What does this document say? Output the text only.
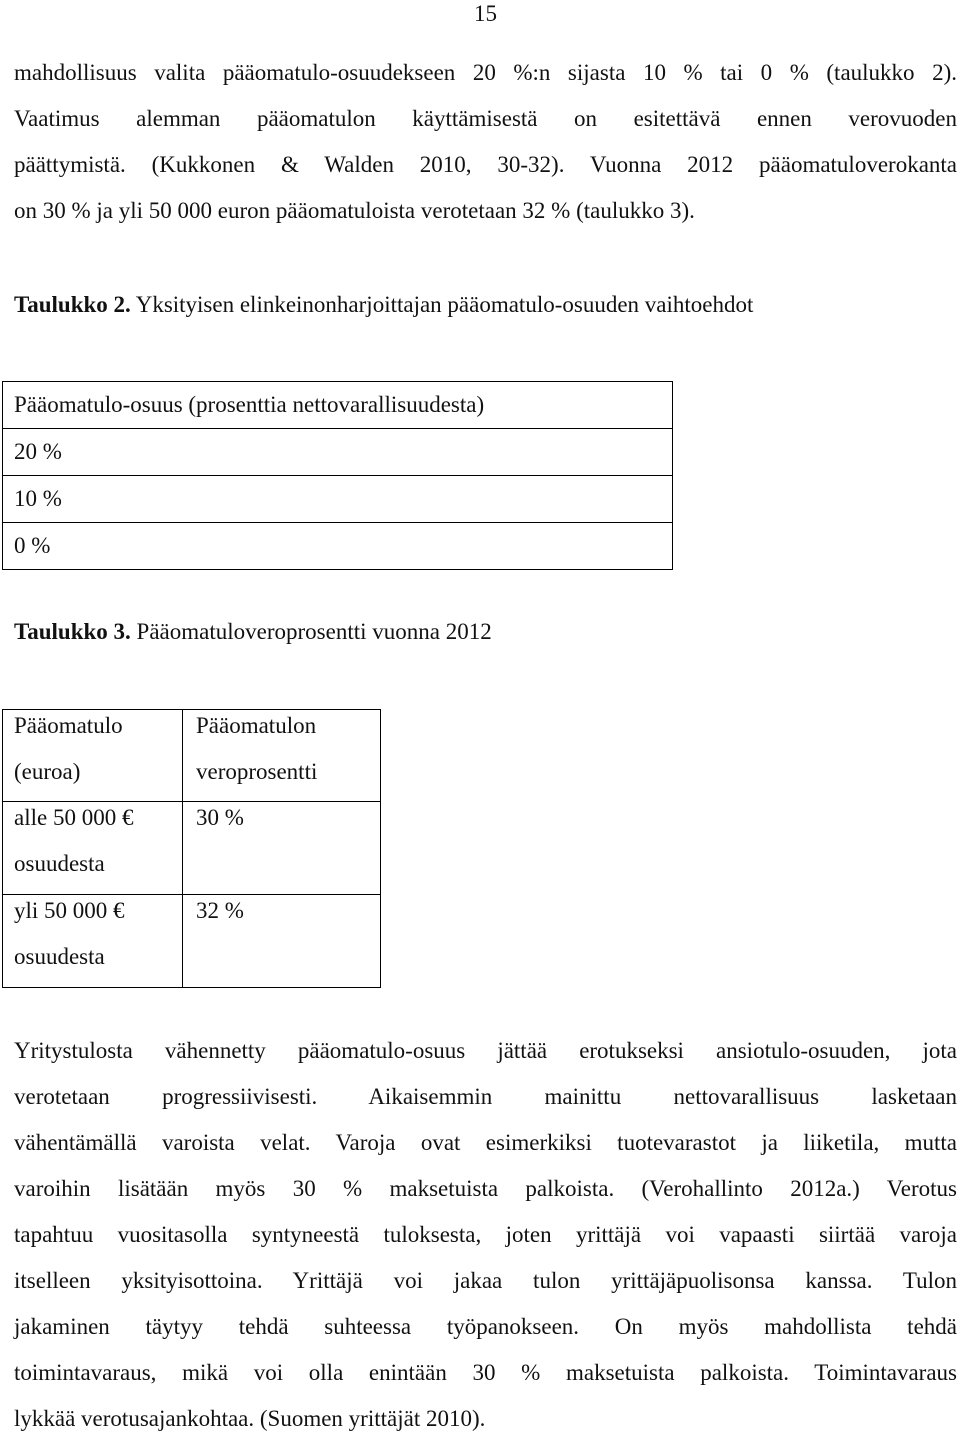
15
mahdollisuus valita pääomatulo-osuudekseen 20 %:n sijasta 10 % tai 0 % (taulukko 2).
Vaatimus alemman pääomatulon käyttämisestä on esitettävä ennen verovuoden
päättymistä. (Kukkonen & Walden 2010, 30-32). Vuonna 2012 pääomatuloverokanta
on 30 % ja yli 50 000 euron pääomatuloista verotetaan 32 % (taulukko 3).
Taulukko 2. Yksityisen elinkeinonharjoittajan pääomatulo-osuuden vaihtoehdot
Pääomatulo-osuus (prosenttia nettovarallisuudesta)
20 %
10 %
0 %
Taulukko 3. Pääomatuloveroprosentti vuonna 2012
Pääomatulo
(euroa)
Pääomatulon
veroprosentti
alle 50 000 €
osuudesta
30 %
yli 50 000 €
osuudesta
32 %
Yritystulosta vähennetty pääomatulo-osuus jättää erotukseksi ansiotulo-osuuden, jota
verotetaan progressiivisesti. Aikaisemmin mainittu nettovarallisuus lasketaan
vähentämällä varoista velat. Varoja ovat esimerkiksi tuotevarastot ja liiketila, mutta
varoihin lisätään myös 30 % maksetuista palkoista. (Verohallinto 2012a.) Verotus
tapahtuu vuositasolla syntyneestä tuloksesta, joten yrittäjä voi vapaasti siirtää varoja
itselleen yksityisottoina. Yrittäjä voi jakaa tulon yrittäjäpuolisonsa kanssa. Tulon
jakaminen täytyy tehdä suhteessa työpanokseen. On myös mahdollista tehdä
toimintavaraus, mikä voi olla enintään 30 % maksetuista palkoista. Toimintavaraus
lykkää verotusajankohtaa. (Suomen yrittäjät 2010).
